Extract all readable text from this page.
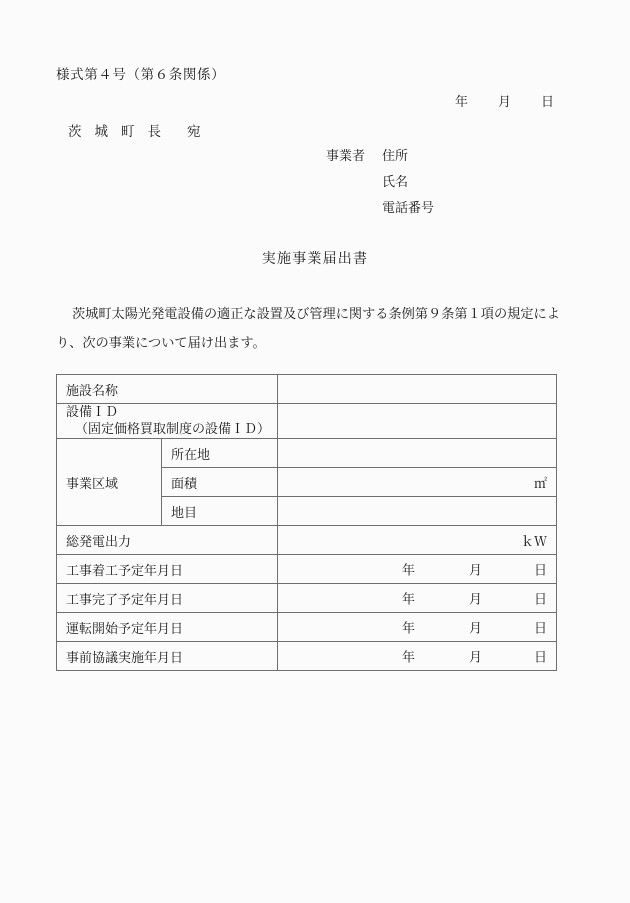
様式第４号（第６条関係）
年 月 日
茨 城 町 長 宛
事業者	住所
氏名
電話番号
実施事業届出書
茨城町太陽光発電設備の適正な設置及び管理に関する条例第９条第１項の規定により、次の事業について届け出ます。
施設名称		

設備ＩＤ
（固定価格買取制度の設備ＩＤ）		

事業区域	所在地	
	面積	㎡
	地目	
総発電出力		ｋＷ
工事着工予定年月日		年 月 日

工事完了予定年月日		年 月 日

運転開始予定年月日		年 月 日

事前協議実施年月日		年 月 日
